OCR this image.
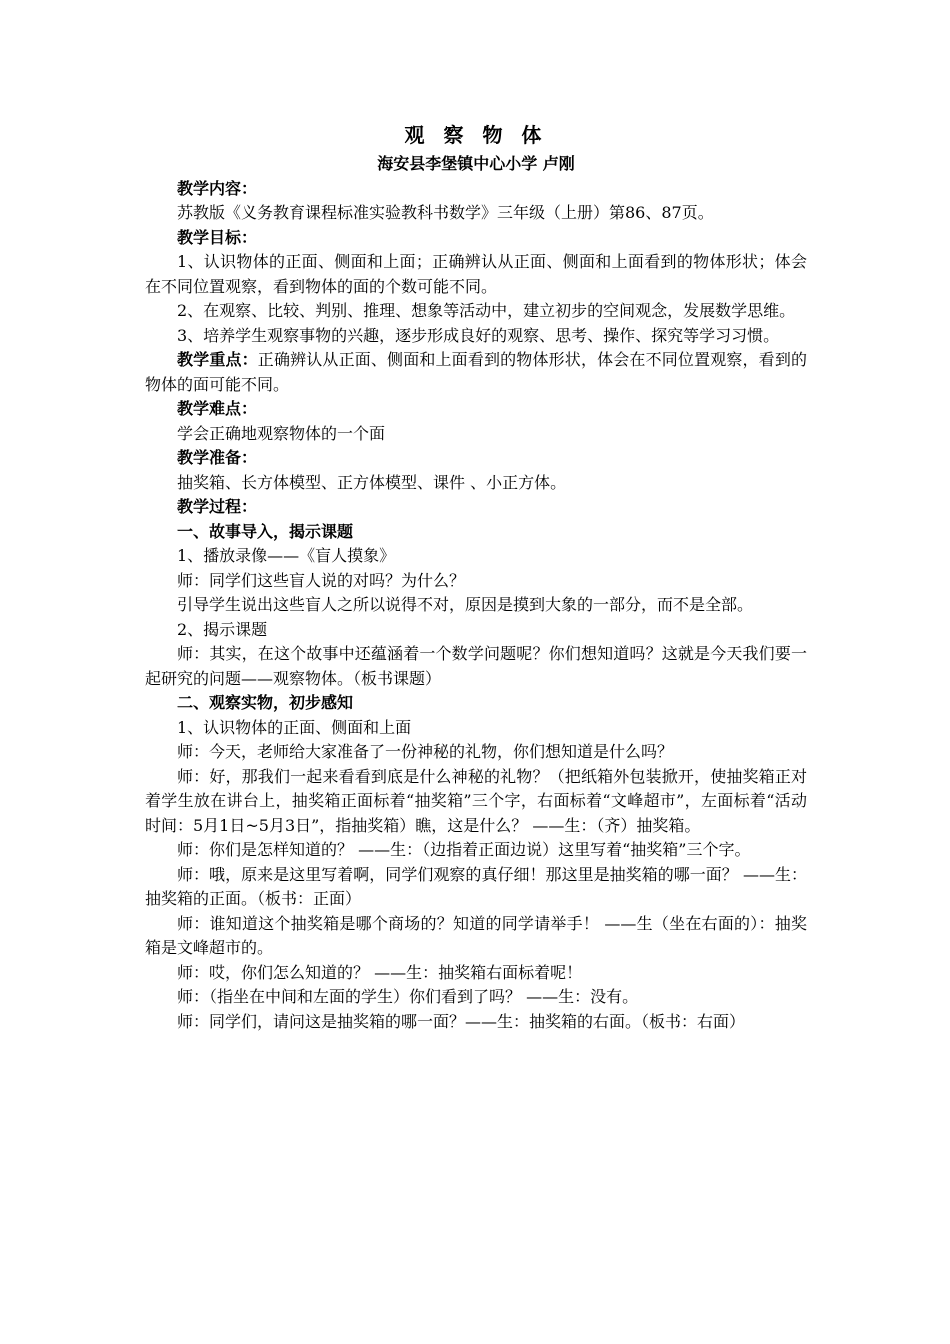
观 察 物 体
海安县李堡镇中心小学 卢刚

教学内容：

苏教版《义务教育课程标准实验教科书数学》三年级（上册）第86、87页。

教学目标：

1、认识物体的正面、侧面和上面；正确辨认从正面、侧面和上面看到的物体形状；体会在不同位置观察，看到物体的面的个数可能不同。

2、在观察、比较、判别、推理、想象等活动中，建立初步的空间观念，发展数学思维。

3、培养学生观察事物的兴趣，逐步形成良好的观察、思考、操作、探究等学习习惯。

教学重点：正确辨认从正面、侧面和上面看到的物体形状，体会在不同位置观察，看到的物体的面可能不同。

教学难点：

学会正确地观察物体的一个面

教学准备：

抽奖箱、长方体模型、正方体模型、课件 、小正方体。

教学过程：

一、故事导入，揭示课题

1、播放录像——《盲人摸象》

师：同学们这些盲人说的对吗？为什么？

引导学生说出这些盲人之所以说得不对，原因是摸到大象的一部分，而不是全部。

2、揭示课题

师：其实，在这个故事中还蕴涵着一个数学问题呢？你们想知道吗？这就是今天我们要一起研究的问题——观察物体。（板书课题）

二、观察实物，初步感知

1、认识物体的正面、侧面和上面

师：今天，老师给大家准备了一份神秘的礼物，你们想知道是什么吗？

师：好，那我们一起来看看到底是什么神秘的礼物？（把纸箱外包装掀开，使抽奖箱正对着学生放在讲台上，抽奖箱正面标着“抽奖箱”三个字，右面标着“文峰超市”，左面标着“活动时间：5月1日~5月3日”，指抽奖箱）瞧，这是什么？ ——生：（齐）抽奖箱。

师：你们是怎样知道的？ ——生：（边指着正面边说）这里写着“抽奖箱”三个字。

师：哦，原来是这里写着啊，同学们观察的真仔细！那这里是抽奖箱的哪一面？ ——生：抽奖箱的正面。（板书：正面）

师：谁知道这个抽奖箱是哪个商场的？知道的同学请举手！ ——生（坐在右面的）：抽奖箱是文峰超市的。

师：哎，你们怎么知道的？ ——生：抽奖箱右面标着呢！

师：（指坐在中间和左面的学生）你们看到了吗？ ——生：没有。

师：同学们，请问这是抽奖箱的哪一面？——生：抽奖箱的右面。（板书：右面）
